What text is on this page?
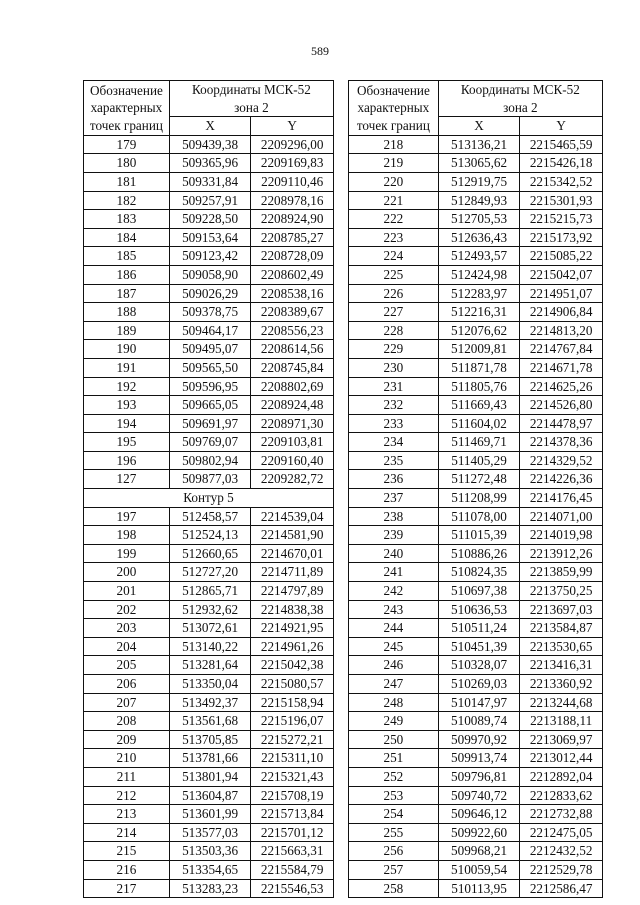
589
Обозначение
характерных
точек границ	Координаты МСК-52	
	зона 2	
	X	Y
179	509439,38	2209296,00
180	509365,96	2209169,83
181	509331,84	2209110,46
182	509257,91	2208978,16
183	509228,50	2208924,90
184	509153,64	2208785,27
185	509123,42	2208728,09
186	509058,90	2208602,49
187	509026,29	2208538,16
188	509378,75	2208389,67
189	509464,17	2208556,23
190	509495,07	2208614,56
191	509565,50	2208745,84
192	509596,95	2208802,69
193	509665,05	2208924,48
194	509691,97	2208971,30
195	509769,07	2209103,81
196	509802,94	2209160,40
127	509877,03	2209282,72
Контур 5		
197	512458,57	2214539,04
198	512524,13	2214581,90
199	512660,65	2214670,01
200	512727,20	2214711,89
201	512865,71	2214797,89
202	512932,62	2214838,38
203	513072,61	2214921,95
204	513140,22	2214961,26
205	513281,64	2215042,38
206	513350,04	2215080,57
207	513492,37	2215158,94
208	513561,68	2215196,07
209	513705,85	2215272,21
210	513781,66	2215311,10
211	513801,94	2215321,43
212	513604,87	2215708,19
213	513601,99	2215713,84
214	513577,03	2215701,12
215	513503,36	2215663,31
216	513354,65	2215584,79
217	513283,23	2215546,53
Обозначение
характерных
точек границ	Координаты МСК-52	
	зона 2	
	X	Y
218	513136,21	2215465,59
219	513065,62	2215426,18
220	512919,75	2215342,52
221	512849,93	2215301,93
222	512705,53	2215215,73
223	512636,43	2215173,92
224	512493,57	2215085,22
225	512424,98	2215042,07
226	512283,97	2214951,07
227	512216,31	2214906,84
228	512076,62	2214813,20
229	512009,81	2214767,84
230	511871,78	2214671,78
231	511805,76	2214625,26
232	511669,43	2214526,80
233	511604,02	2214478,97
234	511469,71	2214378,36
235	511405,29	2214329,52
236	511272,48	2214226,36
237	511208,99	2214176,45
238	511078,00	2214071,00
239	511015,39	2214019,98
240	510886,26	2213912,26
241	510824,35	2213859,99
242	510697,38	2213750,25
243	510636,53	2213697,03
244	510511,24	2213584,87
245	510451,39	2213530,65
246	510328,07	2213416,31
247	510269,03	2213360,92
248	510147,97	2213244,68
249	510089,74	2213188,11
250	509970,92	2213069,97
251	509913,74	2213012,44
252	509796,81	2212892,04
253	509740,72	2212833,62
254	509646,12	2212732,88
255	509922,60	2212475,05
256	509968,21	2212432,52
257	510059,54	2212529,78
258	510113,95	2212586,47
